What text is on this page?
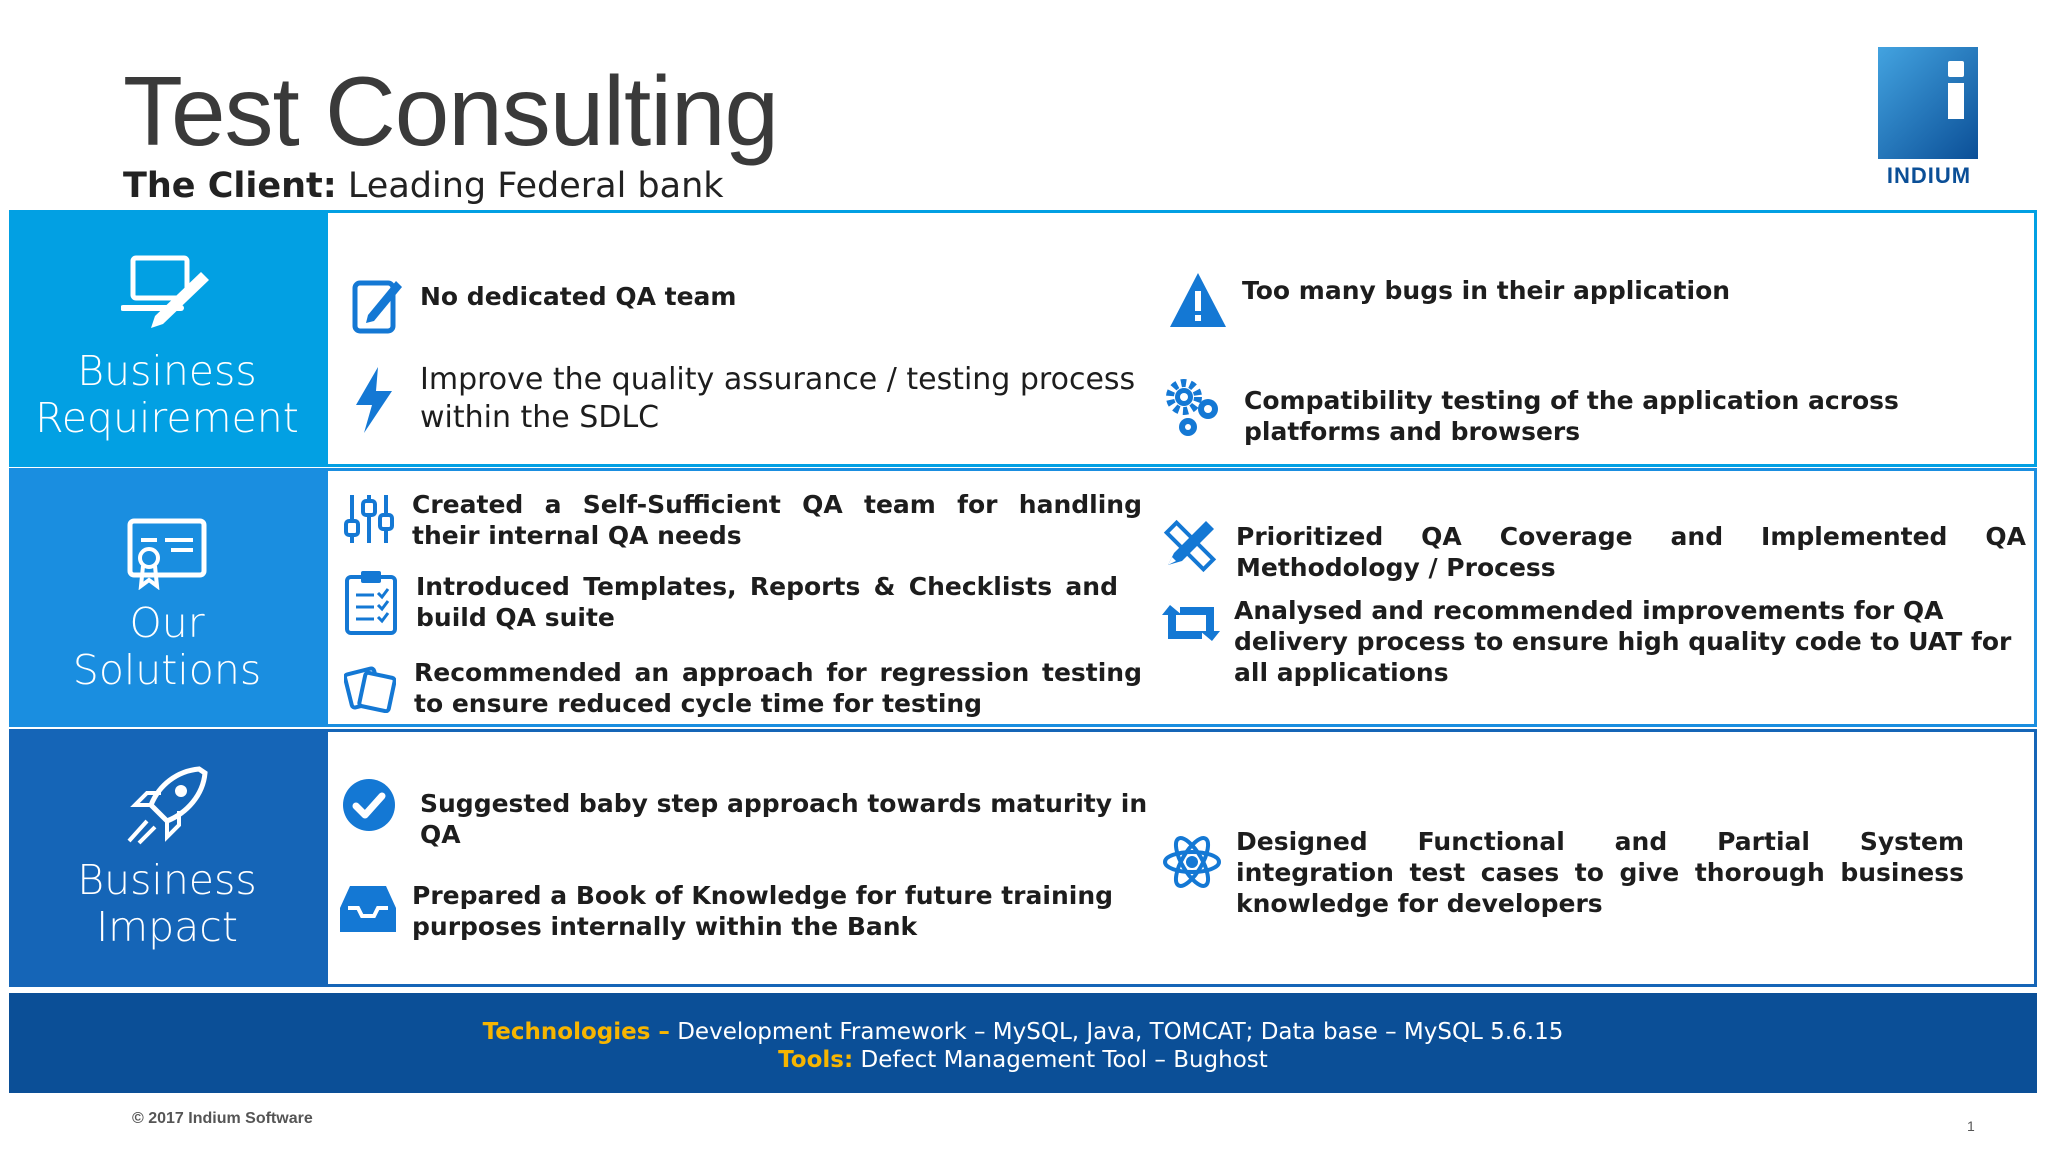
Test Consulting
The Client: Leading Federal bank	INDIUM
Business
Requirement
No dedicated QA team
Improve the quality assurance / testing process within the SDLC
Too many bugs in their application
Compatibility testing of the application across platforms and browsers
Our
Solutions
Created a Self-Sufficient QA team for handling their internal QA needs
Introduced Templates, Reports & Checklists and build QA suite
Recommended an approach for regression testing to ensure reduced cycle time for testing
Prioritized QA Coverage and Implemented QA Methodology / Process
Analysed and recommended improvements for QA delivery process to ensure high quality code to UAT for all applications
Business
Impact
Suggested baby step approach towards maturity in QA
Prepared a Book of Knowledge for future training purposes internally within the Bank
Designed Functional and Partial System integration test cases to give thorough business knowledge for developers
Technologies – Development Framework – MySQL, Java, TOMCAT; Data base – MySQL 5.6.15
Tools: Defect Management Tool – Bughost
© 2017 Indium Software	1
